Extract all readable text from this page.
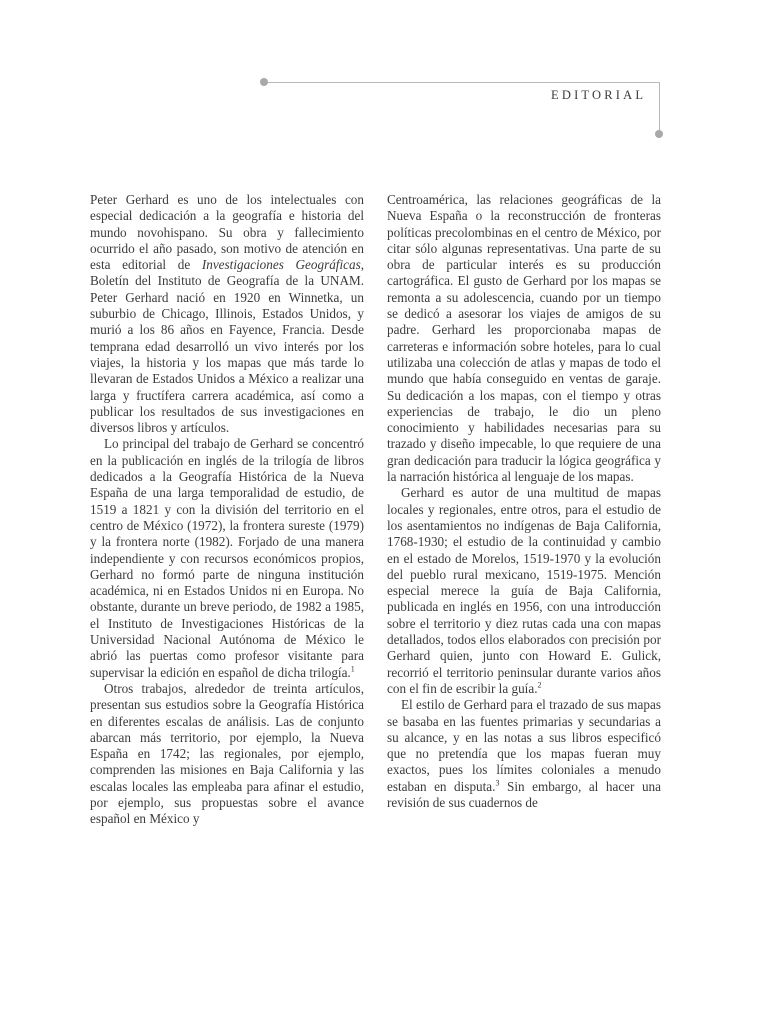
EDITORIAL

Peter Gerhard es uno de los intelectuales con especial dedicación a la geografía e historia del mundo novohispano. Su obra y fallecimiento ocurrido el año pasado, son motivo de atención en esta editorial de Investigaciones Geográficas, Boletín del Instituto de Geografía de la UNAM. Peter Gerhard nació en 1920 en Winnetka, un suburbio de Chicago, Illinois, Estados Unidos, y murió a los 86 años en Fayence, Francia. Desde temprana edad desarrolló un vivo interés por los viajes, la historia y los mapas que más tarde lo llevaran de Estados Unidos a México a realizar una larga y fructífera carrera académica, así como a publicar los resultados de sus investigaciones en diversos libros y artículos.

Lo principal del trabajo de Gerhard se concentró en la publicación en inglés de la trilogía de libros dedicados a la Geografía Histórica de la Nueva España de una larga temporalidad de estudio, de 1519 a 1821 y con la división del territorio en el centro de México (1972), la frontera sureste (1979) y la frontera norte (1982). Forjado de una manera independiente y con recursos económicos propios, Gerhard no formó parte de ninguna institución académica, ni en Estados Unidos ni en Europa. No obstante, durante un breve periodo, de 1982 a 1985, el Instituto de Investigaciones Históricas de la Universidad Nacional Autónoma de México le abrió las puertas como profesor visitante para supervisar la edición en español de dicha trilogía.$^1$

Otros trabajos, alrededor de treinta artículos, presentan sus estudios sobre la Geografía Histórica en diferentes escalas de análisis. Las de conjunto abarcan más territorio, por ejemplo, la Nueva España en 1742; las regionales, por ejemplo, comprenden las misiones en Baja California y las escalas locales las empleaba para afinar el estudio, por ejemplo, sus propuestas sobre el avance español en México y

Centroamérica, las relaciones geográficas de la Nueva España o la reconstrucción de fronteras políticas precolombinas en el centro de México, por citar sólo algunas representativas. Una parte de su obra de particular interés es su producción cartográfica. El gusto de Gerhard por los mapas se remonta a su adolescencia, cuando por un tiempo se dedicó a asesorar los viajes de amigos de su padre. Gerhard les proporcionaba mapas de carreteras e información sobre hoteles, para lo cual utilizaba una colección de atlas y mapas de todo el mundo que había conseguido en ventas de garaje. Su dedicación a los mapas, con el tiempo y otras experiencias de trabajo, le dio un pleno conocimiento y habilidades necesarias para su trazado y diseño impecable, lo que requiere de una gran dedicación para traducir la lógica geográfica y la narración histórica al lenguaje de los mapas.

Gerhard es autor de una multitud de mapas locales y regionales, entre otros, para el estudio de los asentamientos no indígenas de Baja California, 1768-1930; el estudio de la continuidad y cambio en el estado de Morelos, 1519-1970 y la evolución del pueblo rural mexicano, 1519-1975. Mención especial merece la guía de Baja California, publicada en inglés en 1956, con una introducción sobre el territorio y diez rutas cada una con mapas detallados, todos ellos elaborados con precisión por Gerhard quien, junto con Howard E. Gulick, recorrió el territorio peninsular durante varios años con el fin de escribir la guía.$^2$

El estilo de Gerhard para el trazado de sus mapas se basaba en las fuentes primarias y secundarias a su alcance, y en las notas a sus libros especificó que no pretendía que los mapas fueran muy exactos, pues los límites coloniales a menudo estaban en disputa.$^3$ Sin embargo, al hacer una revisión de sus cuadernos de
